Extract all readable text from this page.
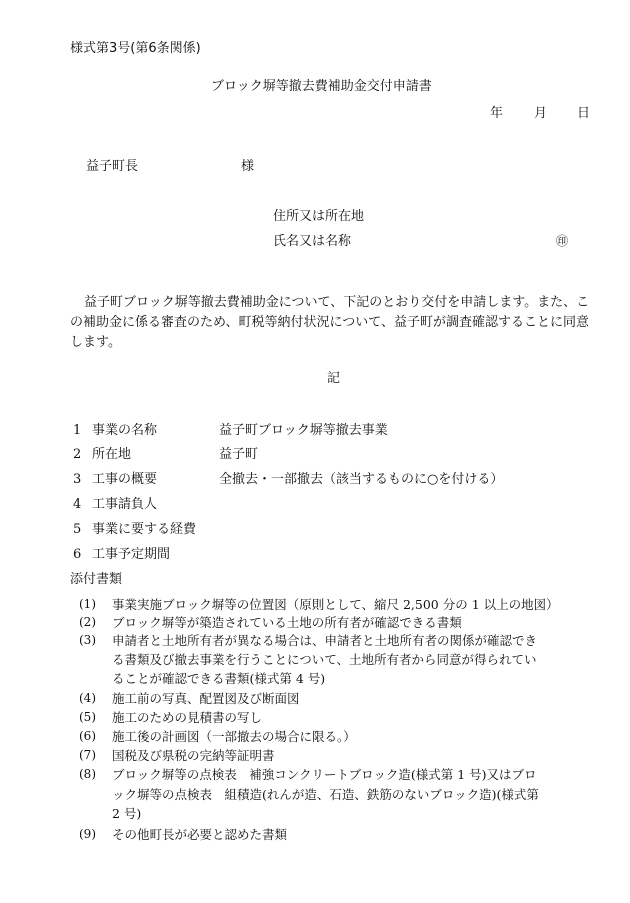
様式第3号(第6条関係)
ブロック塀等撤去費補助金交付申請書
年 月 日
益子町長	様
住所又は所在地
氏名又は名称	㊞
益子町ブロック塀等撤去費補助金について、下記のとおり交付を申請します。また、この補助金に係る審査のため、町税等納付状況について、益子町が調査確認することに同意します。
記
1 事業の名称	益子町ブロック塀等撤去事業
2 所在地	益子町
3 工事の概要	全撤去・一部撤去（該当するものに○を付ける）
4 工事請負人
5 事業に要する経費
6 工事予定期間
添付書類
(1) 事業実施ブロック塀等の位置図（原則として、縮尺 2,500 分の 1 以上の地図）
(2) ブロック塀等が築造されている土地の所有者が確認できる書類
(3) 申請者と土地所有者が異なる場合は、申請者と土地所有者の関係が確認でき
る書類及び撤去事業を行うことについて、土地所有者から同意が得られてい
ることが確認できる書類(様式第 4 号)
(4) 施工前の写真、配置図及び断面図
(5) 施工のための見積書の写し
(6) 施工後の計画図（一部撤去の場合に限る。）
(7) 国税及び県税の完納等証明書
(8) ブロック塀等の点検表　補強コンクリートブロック造(様式第 1 号)又はブロ
ック塀等の点検表　組積造(れんが造、石造、鉄筋のないブロック造)(様式第
2 号)
(9) その他町長が必要と認めた書類
